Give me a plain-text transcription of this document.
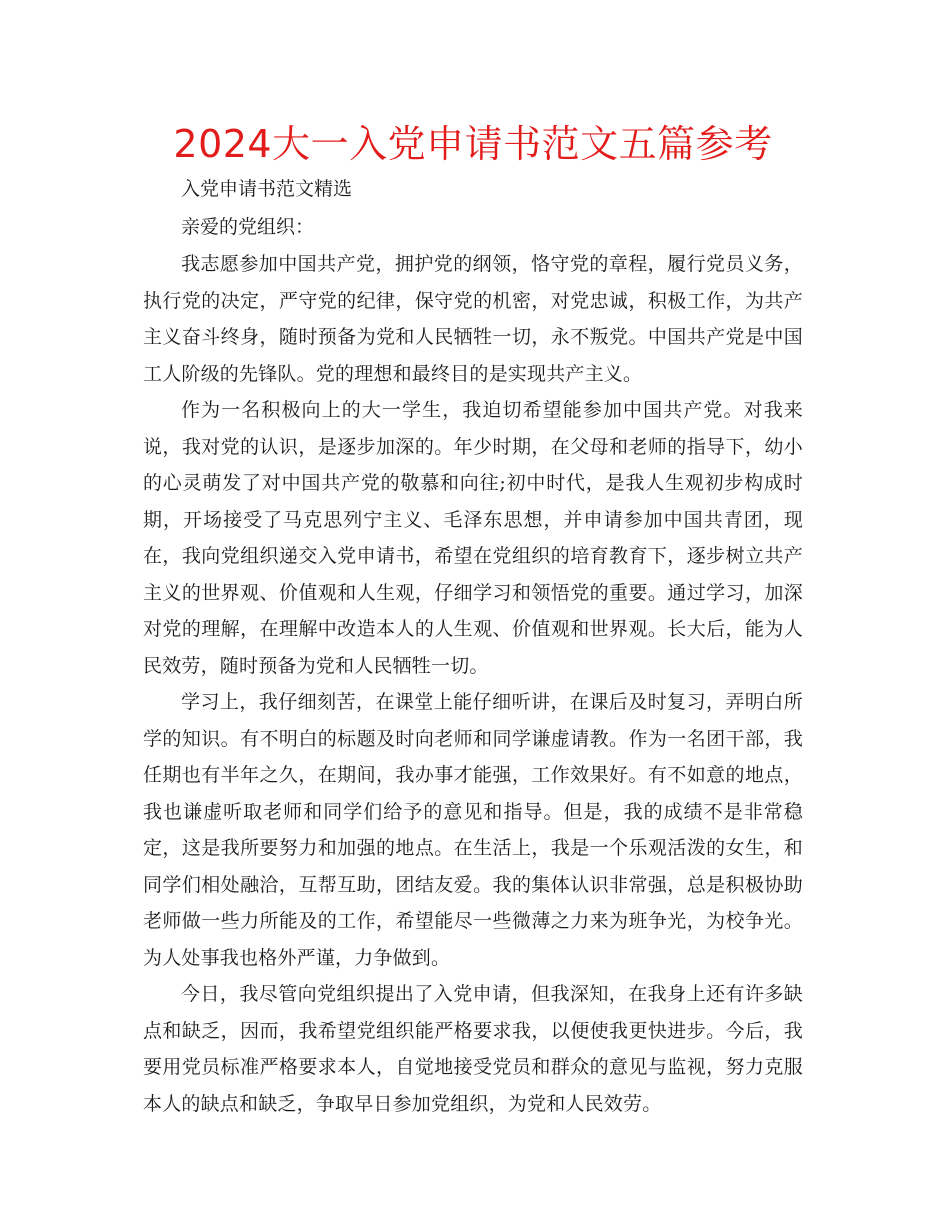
2024大一入党申请书范文五篇参考

入党申请书范文精选

亲爱的党组织：

我志愿参加中国共产党，拥护党的纲领，恪守党的章程，履行党员义务，执行党的决定，严守党的纪律，保守党的机密，对党忠诚，积极工作，为共产主义奋斗终身，随时预备为党和人民牺牲一切，永不叛党。中国共产党是中国工人阶级的先锋队。党的理想和最终目的是实现共产主义。

作为一名积极向上的大一学生，我迫切希望能参加中国共产党。对我来说，我对党的认识，是逐步加深的。年少时期，在父母和老师的指导下，幼小的心灵萌发了对中国共产党的敬慕和向往;初中时代，是我人生观初步构成时期，开场接受了马克思列宁主义、毛泽东思想，并申请参加中国共青团，现在，我向党组织递交入党申请书，希望在党组织的培育教育下，逐步树立共产主义的世界观、价值观和人生观，仔细学习和领悟党的重要。通过学习，加深对党的理解，在理解中改造本人的人生观、价值观和世界观。长大后，能为人民效劳，随时预备为党和人民牺牲一切。

学习上，我仔细刻苦，在课堂上能仔细听讲，在课后及时复习，弄明白所学的知识。有不明白的标题及时向老师和同学谦虚请教。作为一名团干部，我任期也有半年之久，在期间，我办事才能强，工作效果好。有不如意的地点，我也谦虚听取老师和同学们给予的意见和指导。但是，我的成绩不是非常稳定，这是我所要努力和加强的地点。在生活上，我是一个乐观活泼的女生，和同学们相处融洽，互帮互助，团结友爱。我的集体认识非常强，总是积极协助老师做一些力所能及的工作，希望能尽一些微薄之力来为班争光，为校争光。为人处事我也格外严谨，力争做到。

今日，我尽管向党组织提出了入党申请，但我深知，在我身上还有许多缺点和缺乏，因而，我希望党组织能严格要求我，以便使我更快进步。今后，我要用党员标准严格要求本人，自觉地接受党员和群众的意见与监视，努力克服本人的缺点和缺乏，争取早日参加党组织，为党和人民效劳。
